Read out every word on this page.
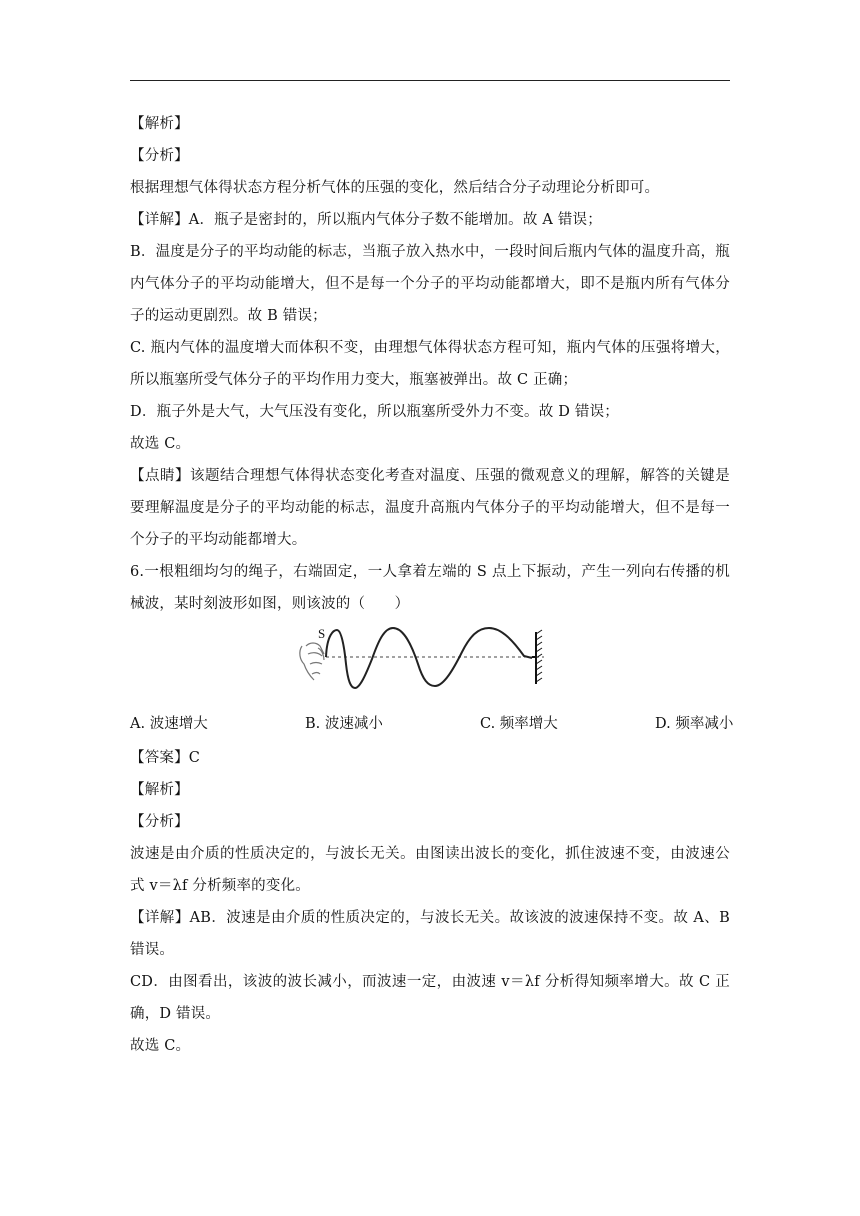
【解析】

【分析】

根据理想气体得状态方程分析气体的压强的变化，然后结合分子动理论分析即可。

【详解】A．瓶子是密封的，所以瓶内气体分子数不能增加。故 A 错误；

B．温度是分子的平均动能的标志，当瓶子放入热水中，一段时间后瓶内气体的温度升高，瓶内气体分子的平均动能增大，但不是每一个分子的平均动能都增大，即不是瓶内所有气体分子的运动更剧烈。故 B 错误；

C. 瓶内气体的温度增大而体积不变，由理想气体得状态方程可知，瓶内气体的压强将增大，所以瓶塞所受气体分子的平均作用力变大，瓶塞被弹出。故 C 正确；

D．瓶子外是大气，大气压没有变化，所以瓶塞所受外力不变。故 D 错误；

故选 C。

【点睛】该题结合理想气体得状态变化考查对温度、压强的微观意义的理解，解答的关键是要理解温度是分子的平均动能的标志，温度升高瓶内气体分子的平均动能增大，但不是每一个分子的平均动能都增大。

6.一根粗细均匀的绳子，右端固定，一人拿着左端的 S 点上下振动，产生一列向右传播的机械波，某时刻波形如图，则该波的（　　）

S
A. 波速增大	B. 波速减小	C. 频率增大	D. 频率减小

【答案】C

【解析】

【分析】

波速是由介质的性质决定的，与波长无关。由图读出波长的变化，抓住波速不变，由波速公式 v＝λf 分析频率的变化。

【详解】AB．波速是由介质的性质决定的，与波长无关。故该波的波速保持不变。故 A、B 错误。

CD．由图看出，该波的波长减小，而波速一定，由波速 v＝λf 分析得知频率增大。故 C 正确，D 错误。

故选 C。
